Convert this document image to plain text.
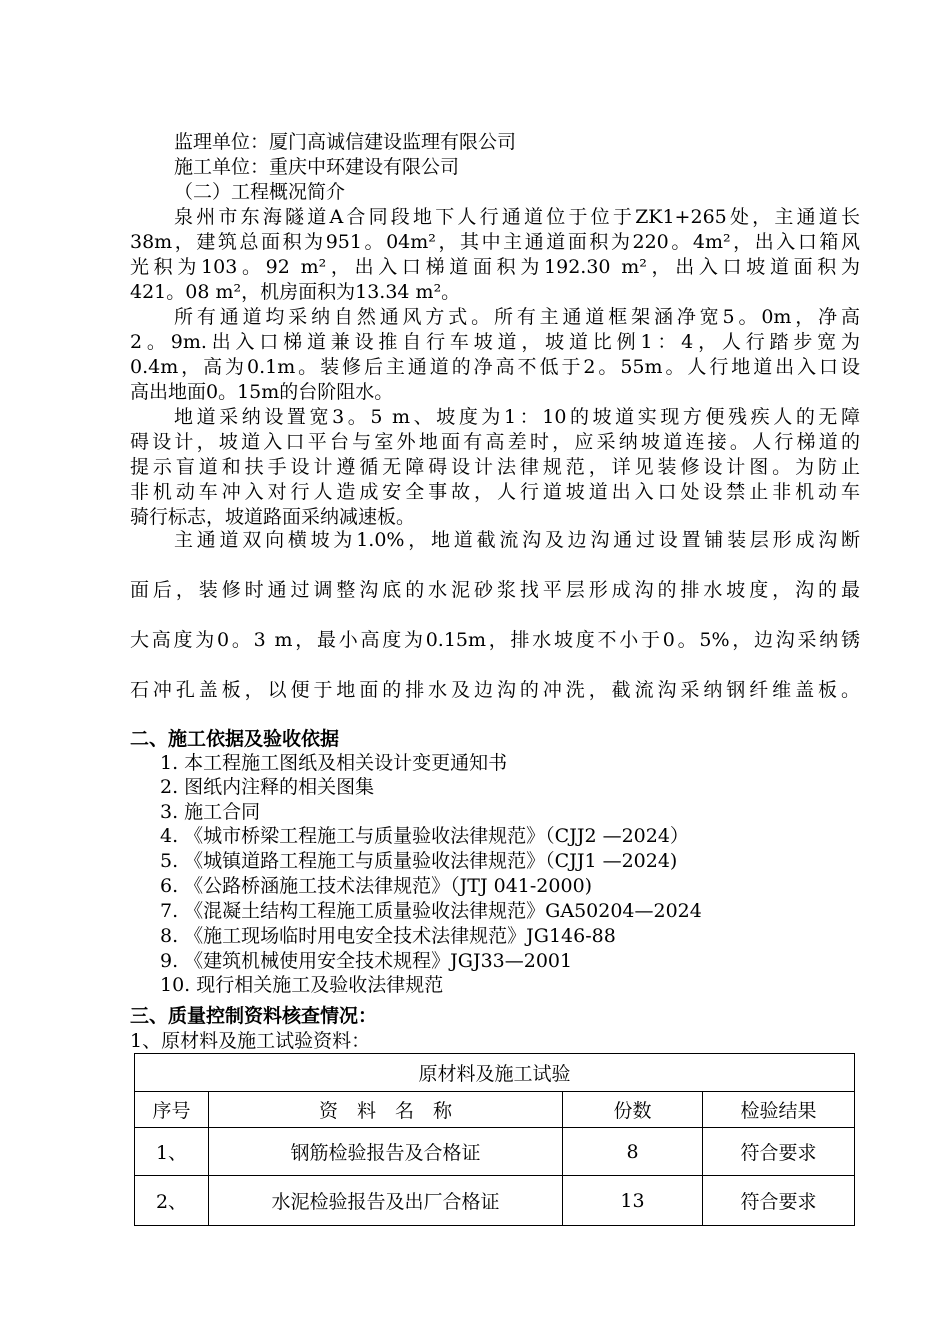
监理单位：厦门高诚信建设监理有限公司
施工单位：重庆中环建设有限公司
（二）工程概况简介
泉州市东海隧道A合同段地下人行通道位于位于ZK1+265处，主通道长
38m，建筑总面积为951。04m²，其中主通道面积为220。4m²，出入口箱风
光积为103。92 m²，出入口梯道面积为192.30 m²，出入口坡道面积为
421。08 m²，机房面积为13.34 m²。
所有通道均采纳自然通风方式。所有主通道框架涵净宽5。0m，净高
2。9m.出入口梯道兼设推自行车坡道，坡道比例1：4，人行踏步宽为
0.4m，高为0.1m。装修后主通道的净高不低于2。55m。人行地道出入口设
高出地面0。15m的台阶阻水。
地道采纳设置宽3。5 m、坡度为1：10的坡道实现方便残疾人的无障
碍设计，坡道入口平台与室外地面有高差时，应采纳坡道连接。人行梯道的
提示盲道和扶手设计遵循无障碍设计法律规范，详见装修设计图。为防止
非机动车冲入对行人造成安全事故，人行道坡道出入口处设禁止非机动车
骑行标志，坡道路面采纳减速板。
主通道双向横坡为1.0%，地道截流沟及边沟通过设置铺装层形成沟断
面后，装修时通过调整沟底的水泥砂浆找平层形成沟的排水坡度，沟的最
大高度为0。3 m，最小高度为0.15m，排水坡度不小于0。5%，边沟采纳锈
石冲孔盖板，以便于地面的排水及边沟的冲洗，截流沟采纳钢纤维盖板。
二、施工依据及验收依据
1. 本工程施工图纸及相关设计变更通知书
2. 图纸内注释的相关图集
3. 施工合同
4. 《城市桥梁工程施工与质量验收法律规范》（CJJ2 —2024）
5. 《城镇道路工程施工与质量验收法律规范》（CJJ1 —2024)
6. 《公路桥涵施工技术法律规范》（JTJ 041-2000)
7. 《混凝土结构工程施工质量验收法律规范》GA50204—2024
8. 《施工现场临时用电安全技术法律规范》JG146-88
9. 《建筑机械使用安全技术规程》JGJ33—2001
10. 现行相关施工及验收法律规范
三、质量控制资料核查情况：
1、原材料及施工试验资料：
原材料及施工试验			
序号	资　料　名　称	份数	检验结果
1、	钢筋检验报告及合格证	8	符合要求
2、	水泥检验报告及出厂合格证	13	符合要求
